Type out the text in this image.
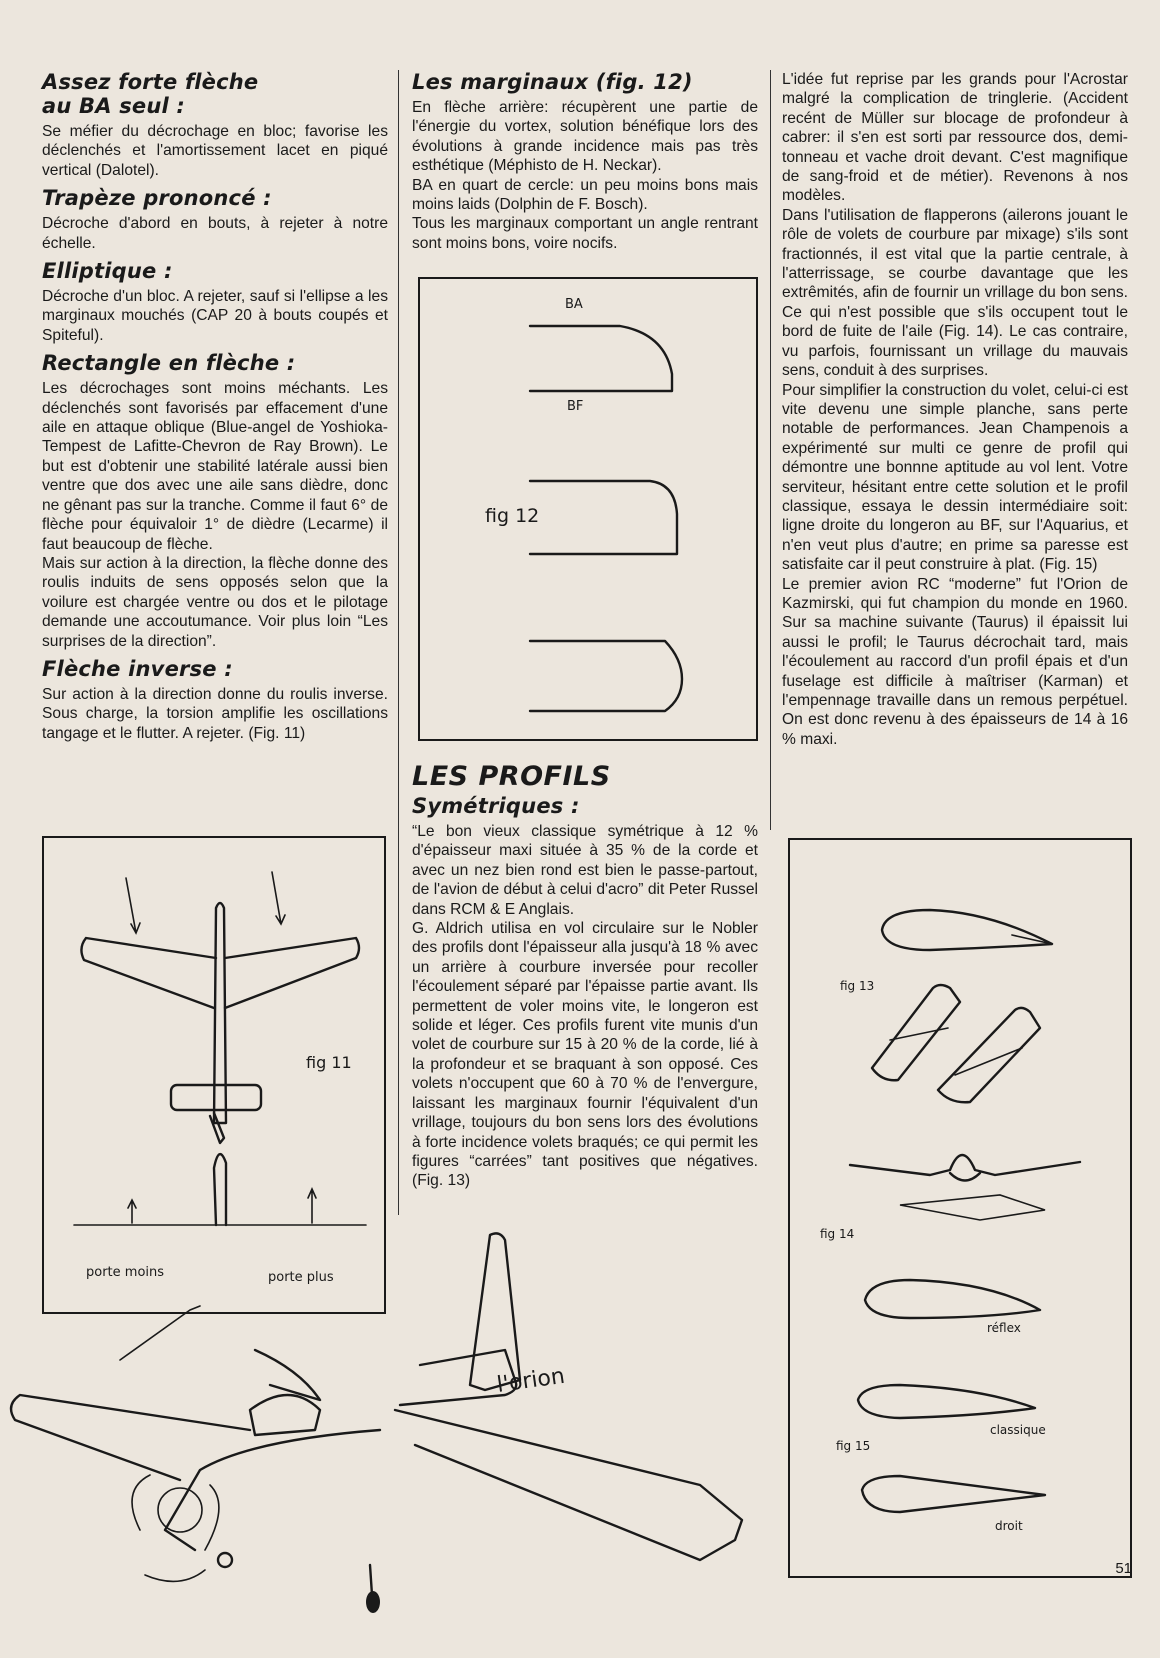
Assez forte flèche
au BA seul :

Se méfier du décrochage en bloc; favorise les déclenchés et l'amortissement lacet en piqué vertical (Dalotel).

Trapèze prononcé :

Décroche d'abord en bouts, à rejeter à notre échelle.

Elliptique :

Décroche d'un bloc. A rejeter, sauf si l'ellipse a les marginaux mouchés (CAP 20 à bouts coupés et Spiteful).

Rectangle en flèche :

Les décrochages sont moins méchants. Les déclenchés sont favorisés par effacement d'une aile en attaque oblique (Blue-angel de Yoshioka-Tempest de Lafitte-Chevron de Ray Brown). Le but est d'obtenir une stabilité latérale aussi bien ventre que dos avec une aile sans dièdre, donc ne gênant pas sur la tranche. Comme il faut 6° de flèche pour équivaloir 1° de dièdre (Lecarme) il faut beaucoup de flèche.

Mais sur action à la direction, la flèche donne des roulis induits de sens opposés selon que la voilure est chargée ventre ou dos et le pilotage demande une accoutumance. Voir plus loin “Les surprises de la direction”.

Flèche inverse :

Sur action à la direction donne du roulis inverse. Sous charge, la torsion amplifie les oscillations tangage et le flutter. A rejeter. (Fig. 11)

Les marginaux (fig. 12)

En flèche arrière: récupèrent une partie de l'énergie du vortex, solution bénéfique lors des évolutions à grande incidence mais pas très esthétique (Méphisto de H. Neckar).

BA en quart de cercle: un peu moins bons mais moins laids (Dolphin de F. Bosch).

Tous les marginaux comportant un angle rentrant sont moins bons, voire nocifs.

LES PROFILS
Symétriques :

“Le bon vieux classique symétrique à 12 % d'épaisseur maxi située à 35 % de la corde et avec un nez bien rond est bien le passe-partout, de l'avion de début à celui d'acro” dit Peter Russel dans RCM & E Anglais.

G. Aldrich utilisa en vol circulaire sur le Nobler des profils dont l'épaisseur alla jusqu'à 18 % avec un arrière à courbure inversée pour recoller l'écoulement séparé par l'épaisse partie avant. Ils permettent de voler moins vite, le longeron est solide et léger. Ces profils furent vite munis d'un volet de courbure sur 15 à 20 % de la corde, lié à la profondeur et se braquant à son opposé. Ces volets n'occupent que 60 à 70 % de l'envergure, laissant les marginaux fournir l'équivalent d'un vrillage, toujours du bon sens lors des évolutions à forte incidence volets braqués; ce qui permit les figures “carrées” tant positives que négatives. (Fig. 13)

L'idée fut reprise par les grands pour l'Acrostar malgré la complication de tringlerie. (Accident recént de Müller sur blocage de profondeur à cabrer: il s'en est sorti par ressource dos, demi-tonneau et vache droit devant. C'est magnifique de sang-froid et de métier). Revenons à nos modèles.

Dans l'utilisation de flapperons (ailerons jouant le rôle de volets de courbure par mixage) s'ils sont fractionnés, il est vital que la partie centrale, à l'atterrissage, se courbe davantage que les extrêmités, afin de fournir un vrillage du bon sens. Ce qui n'est possible que s'ils occupent tout le bord de fuite de l'aile (Fig. 14). Le cas contraire, vu parfois, fournissant un vrillage du mauvais sens, conduit à des surprises.

Pour simplifier la construction du volet, celui-ci est vite devenu une simple planche, sans perte notable de performances. Jean Champenois a expérimenté sur multi ce genre de profil qui démontre une bonnne aptitude au vol lent. Votre serviteur, hésitant entre cette solution et le profil classique, essaya le dessin intermédiaire soit: ligne droite du longeron au BF, sur l'Aquarius, et n'en veut plus d'autre; en prime sa paresse est satisfaite car il peut construire à plat. (Fig. 15)

Le premier avion RC “moderne” fut l'Orion de Kazmirski, qui fut champion du monde en 1960. Sur sa machine suivante (Taurus) il épaissit lui aussi le profil; le Taurus décrochait tard, mais l'écoulement au raccord d'un profil épais et d'un fuselage est difficile à maîtriser (Karman) et l'empennage travaille dans un remous perpétuel. On est donc revenu à des épaisseurs de 14 à 16 % maxi.

BA
BF
fig 12
fig 11
porte moins	porte plus
fig 13
fig 14
réflex
classique
fig 15
droit
l'orion
51
